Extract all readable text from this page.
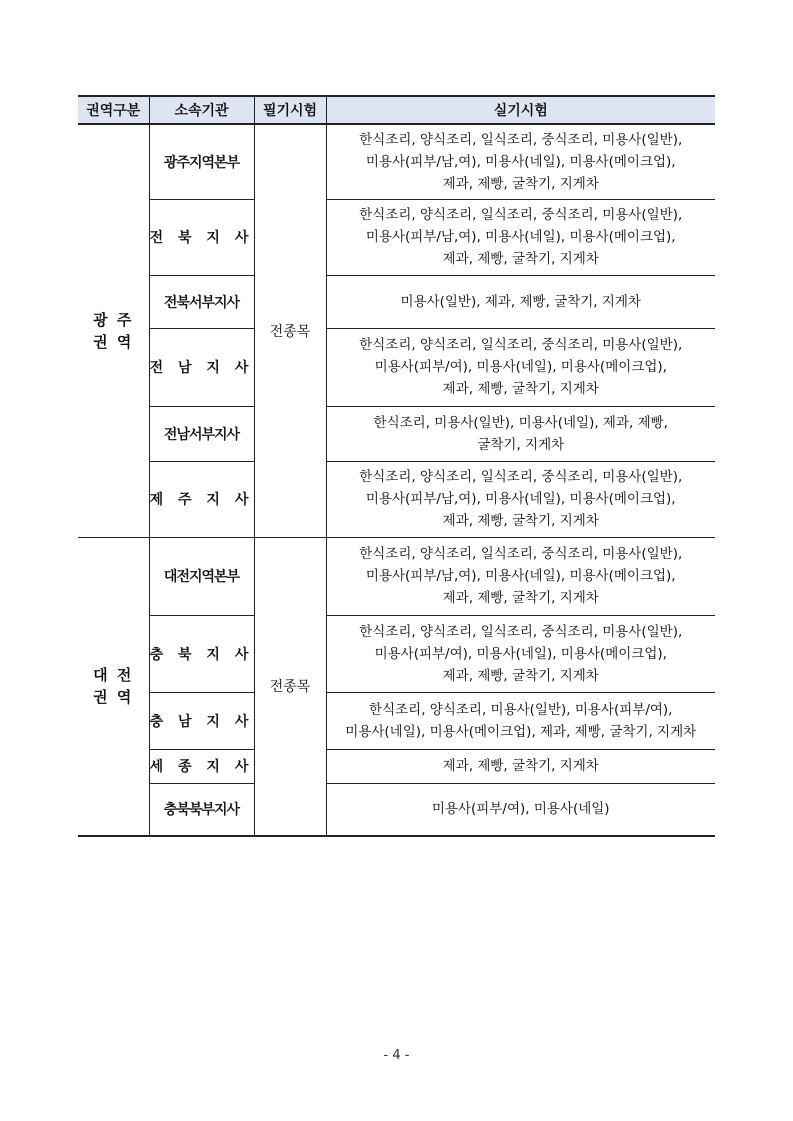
권역구분	소속기관	필기시험	실기시험
광 주
권 역	광주지역본부	전종목	한식조리, 양식조리, 일식조리, 중식조리, 미용사(일반),
미용사(피부/남,여), 미용사(네일), 미용사(메이크업),
제과, 제빵, 굴착기, 지게차
	전 북 지 사		한식조리, 양식조리, 일식조리, 중식조리, 미용사(일반),
미용사(피부/남,여), 미용사(네일), 미용사(메이크업),
제과, 제빵, 굴착기, 지게차
	전북서부지사		미용사(일반), 제과, 제빵, 굴착기, 지게차
	전 남 지 사		한식조리, 양식조리, 일식조리, 중식조리, 미용사(일반),
미용사(피부/여), 미용사(네일), 미용사(메이크업),
제과, 제빵, 굴착기, 지게차
	전남서부지사		한식조리, 미용사(일반), 미용사(네일), 제과, 제빵,
굴착기, 지게차
	제 주 지 사		한식조리, 양식조리, 일식조리, 중식조리, 미용사(일반),
미용사(피부/남,여), 미용사(네일), 미용사(메이크업),
제과, 제빵, 굴착기, 지게차
대 전
권 역	대전지역본부	전종목	한식조리, 양식조리, 일식조리, 중식조리, 미용사(일반),
미용사(피부/남,여), 미용사(네일), 미용사(메이크업),
제과, 제빵, 굴착기, 지게차
	충 북 지 사		한식조리, 양식조리, 일식조리, 중식조리, 미용사(일반),
미용사(피부/여), 미용사(네일), 미용사(메이크업),
제과, 제빵, 굴착기, 지게차
	충 남 지 사		한식조리, 양식조리, 미용사(일반), 미용사(피부/여),
미용사(네일), 미용사(메이크업), 제과, 제빵, 굴착기, 지게차
	세 종 지 사		제과, 제빵, 굴착기, 지게차
	충북북부지사		미용사(피부/여), 미용사(네일)
- 4 -
